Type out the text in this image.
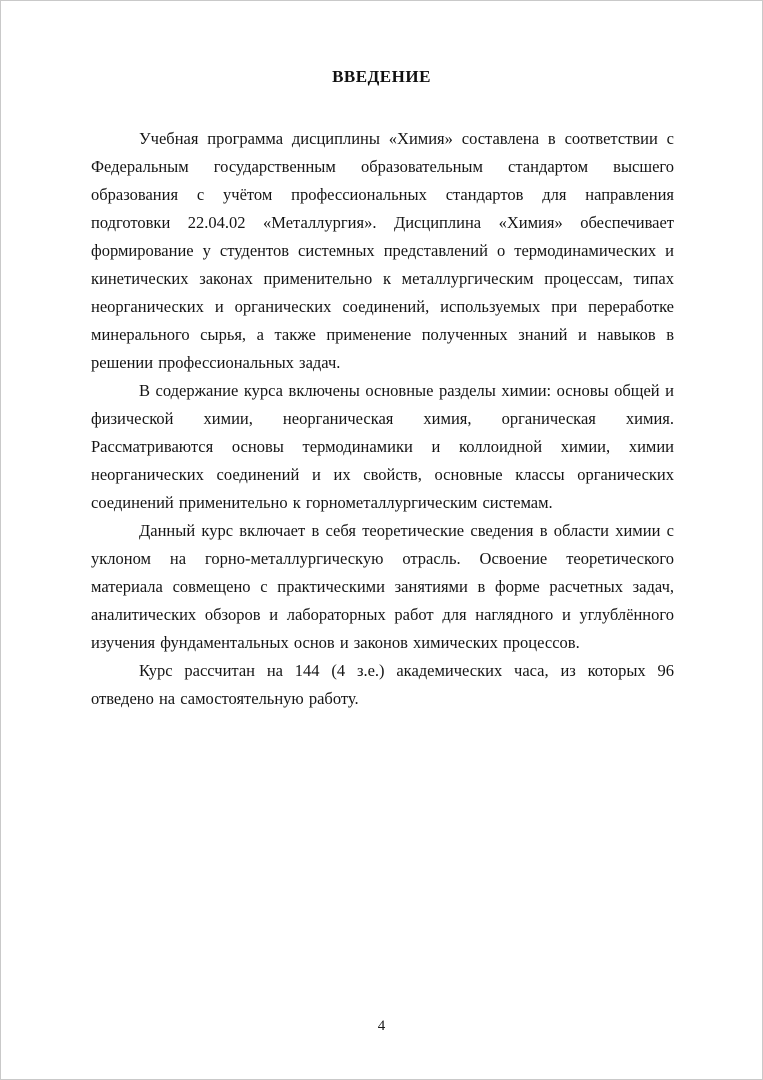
ВВЕДЕНИЕ

Учебная программа дисциплины «Химия» составлена в соответствии с Федеральным государственным образовательным стандартом высшего образования с учётом профессиональных стандартов для направления подготовки 22.04.02 «Металлургия». Дисциплина «Химия» обеспечивает формирование у студентов системных представлений о термодинамических и кинетических законах применительно к металлургическим процессам, типах неорганических и органических соединений, используемых при переработке минерального сырья, а также применение полученных знаний и навыков в решении профессиональных задач.

В содержание курса включены основные разделы химии: основы общей и физической химии, неорганическая химия, органическая химия. Рассматриваются основы термодинамики и коллоидной химии, химии неорганических соединений и их свойств, основные классы органических соединений применительно к горнометаллургическим системам.

Данный курс включает в себя теоретические сведения в области химии с уклоном на горно-металлургическую отрасль. Освоение теоретического материала совмещено с практическими занятиями в форме расчетных задач, аналитических обзоров и лабораторных работ для наглядного и углублённого изучения фундаментальных основ и законов химических процессов.

Курс рассчитан на 144 (4 з.е.) академических часа, из которых 96 отведено на самостоятельную работу.

4
